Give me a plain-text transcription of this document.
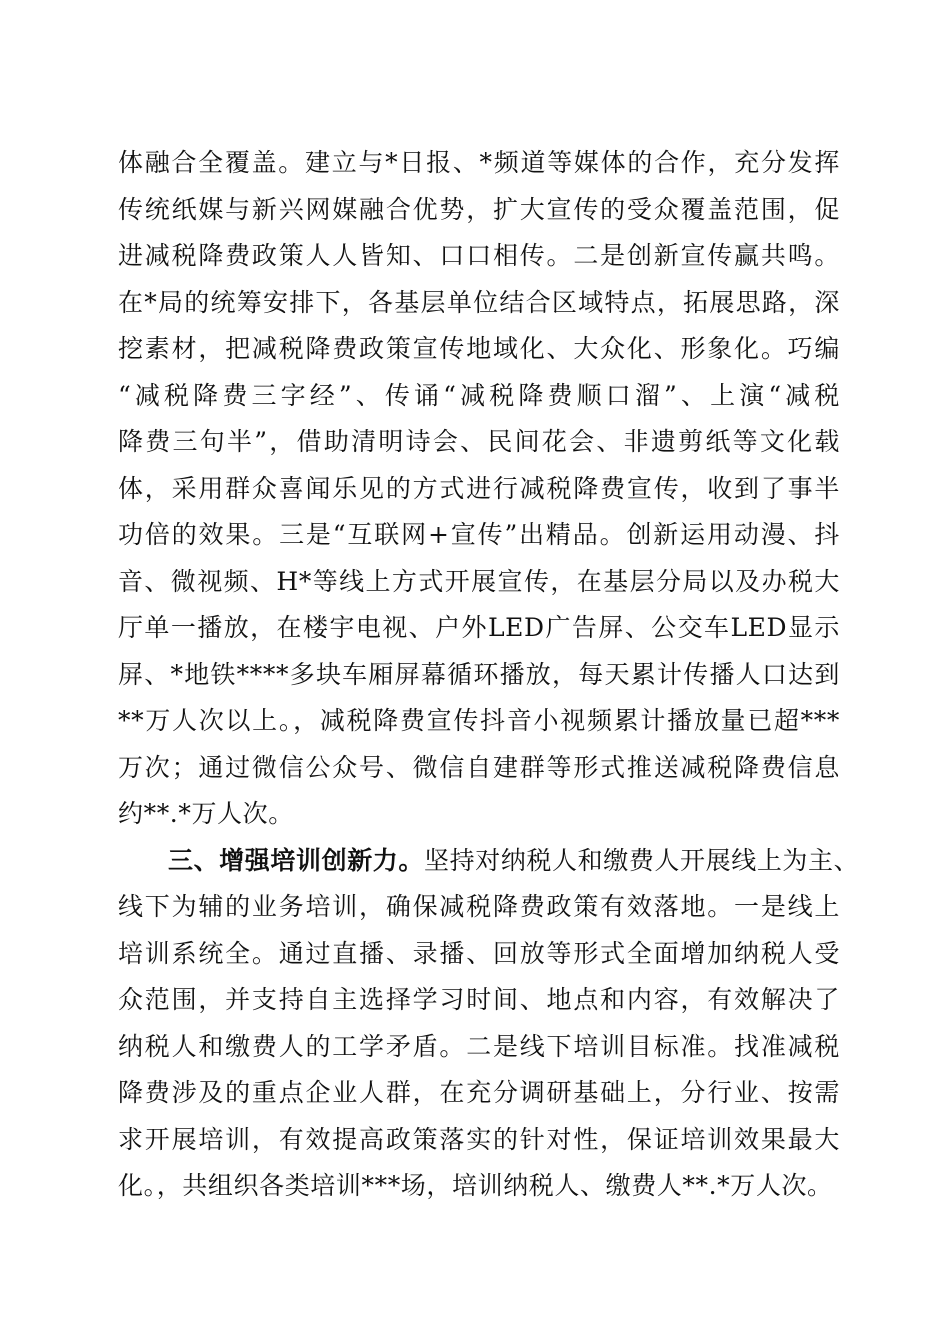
体融合全覆盖。建立与*日报、*频道等媒体的合作，充分发挥
传统纸媒与新兴网媒融合优势，扩大宣传的受众覆盖范围，促
进减税降费政策人人皆知、口口相传。二是创新宣传赢共鸣。
在*局的统筹安排下，各基层单位结合区域特点，拓展思路，深
挖素材，把减税降费政策宣传地域化、大众化、形象化。巧编
“减税降费三字经”、传诵“减税降费顺口溜”、上演“减税
降费三句半”，借助清明诗会、民间花会、非遗剪纸等文化载
体，采用群众喜闻乐见的方式进行减税降费宣传，收到了事半
功倍的效果。三是“互联网+宣传”出精品。创新运用动漫、抖
音、微视频、H*等线上方式开展宣传，在基层分局以及办税大
厅单一播放，在楼宇电视、户外LED广告屏、公交车LED显示
屏、*地铁****多块车厢屏幕循环播放，每天累计传播人口达到
**万人次以上。，减税降费宣传抖音小视频累计播放量已超***
万次；通过微信公众号、微信自建群等形式推送减税降费信息
约**.*万人次。
三、增强培训创新力。坚持对纳税人和缴费人开展线上为主、
线下为辅的业务培训，确保减税降费政策有效落地。一是线上
培训系统全。通过直播、录播、回放等形式全面增加纳税人受
众范围，并支持自主选择学习时间、地点和内容，有效解决了
纳税人和缴费人的工学矛盾。二是线下培训目标准。找准减税
降费涉及的重点企业人群，在充分调研基础上，分行业、按需
求开展培训，有效提高政策落实的针对性，保证培训效果最大
化。，共组织各类培训***场，培训纳税人、缴费人**.*万人次。
